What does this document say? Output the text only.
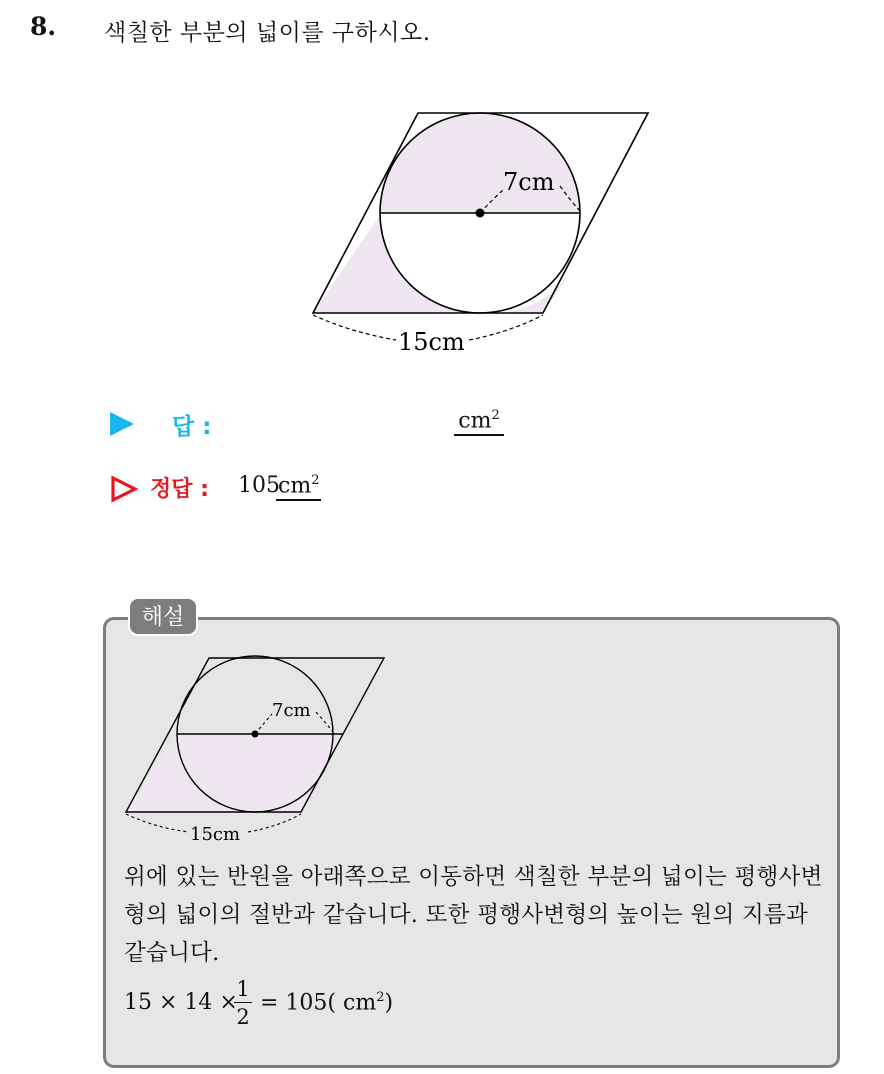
8. 색칠한 부분의 넓이를 구하시오.
7cm
15cm
답 :	$cm^2$
정답 : 105
$cm^2$
해설
7cm
15cm
위에 있는 반원을 아래쪽으로 이동하면 색칠한 부분의 넓이는 평행사변형의 넓이의 절반과 같습니다. 또한 평행사변형의 높이는 원의 지름과 같습니다.
15 × 14 ×
1
2
= 105( $cm^2$)
